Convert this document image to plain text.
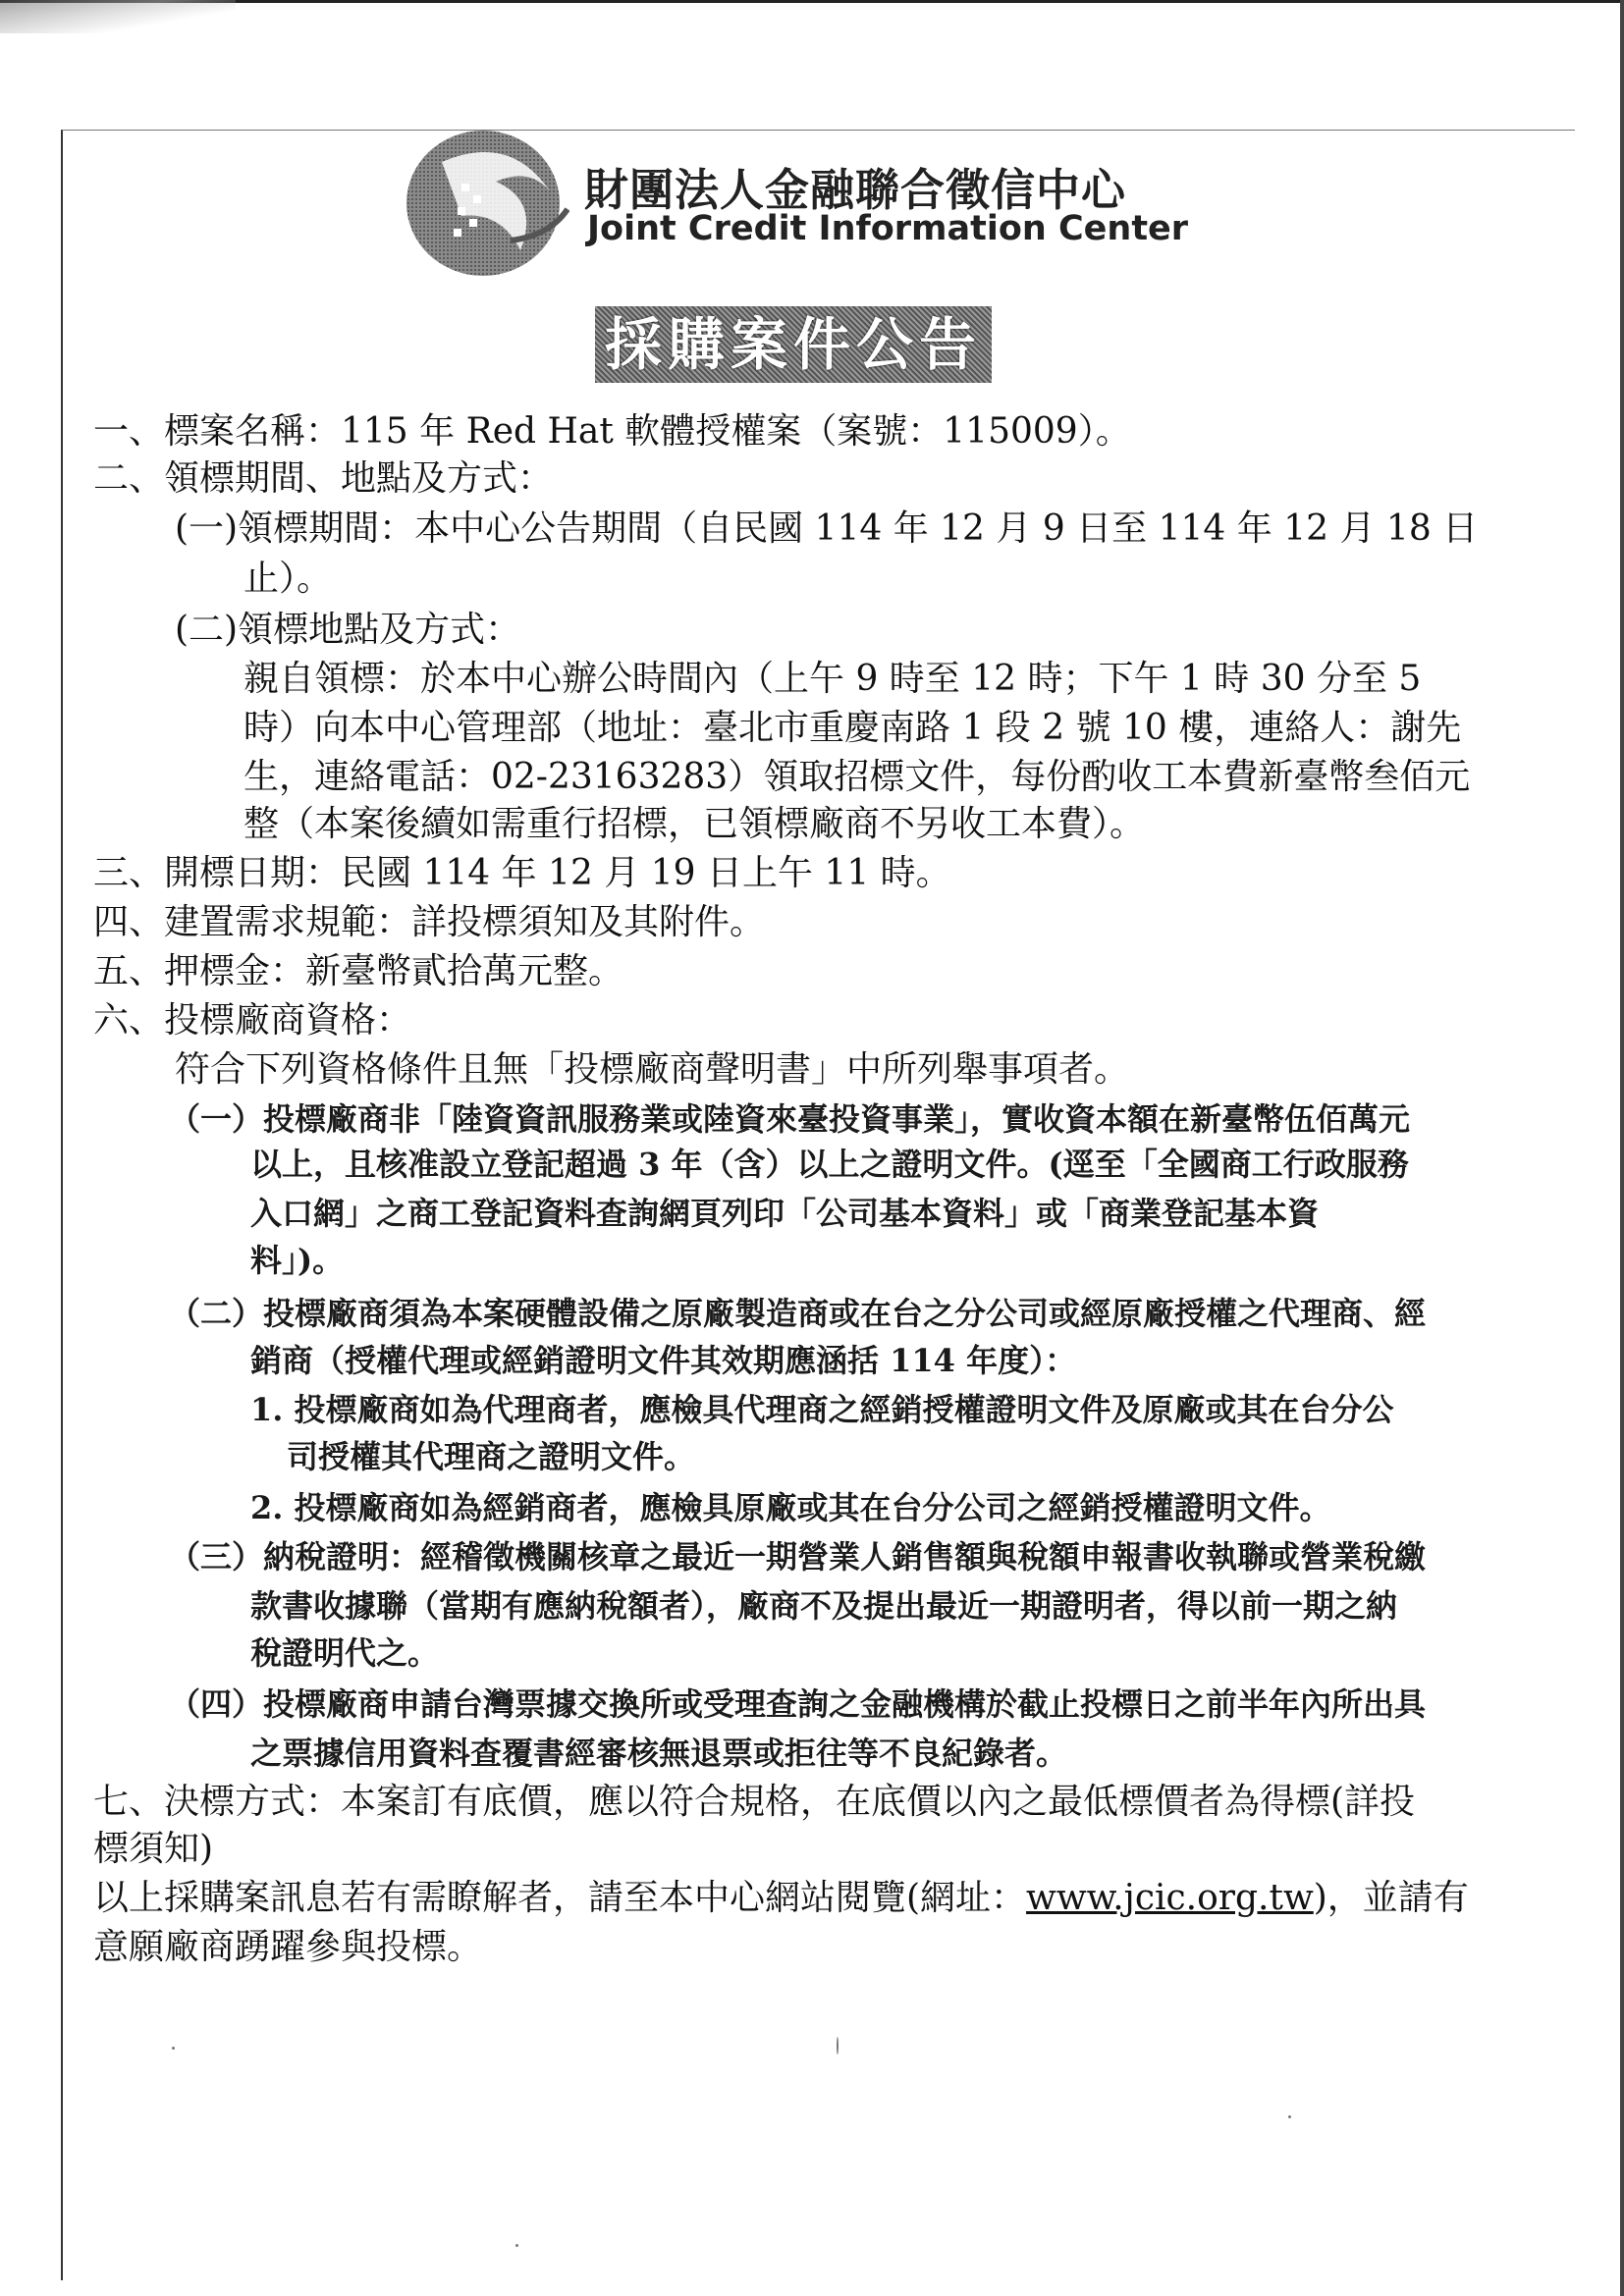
財團法人金融聯合徵信中心
Joint Credit Information Center
採購案件公告
一、標案名稱：115 年 Red Hat 軟體授權案（案號：115009）。
二、領標期間、地點及方式：
(一)領標期間：本中心公告期間（自民國 114 年 12 月 9 日至 114 年 12 月 18 日
止）。
(二)領標地點及方式：
親自領標：於本中心辦公時間內（上午 9 時至 12 時；下午 1 時 30 分至 5
時）向本中心管理部（地址：臺北市重慶南路 1 段 2 號 10 樓，連絡人：謝先
生，連絡電話：02-23163283）領取招標文件，每份酌收工本費新臺幣叁佰元
整（本案後續如需重行招標，已領標廠商不另收工本費）。
三、開標日期：民國 114 年 12 月 19 日上午 11 時。
四、建置需求規範：詳投標須知及其附件。
五、押標金：新臺幣貳拾萬元整。
六、投標廠商資格：
符合下列資格條件且無「投標廠商聲明書」中所列舉事項者。
（一）投標廠商非「陸資資訊服務業或陸資來臺投資事業」，實收資本額在新臺幣伍佰萬元
以上，且核准設立登記超過 3 年（含）以上之證明文件。(逕至「全國商工行政服務
入口網」之商工登記資料查詢網頁列印「公司基本資料」或「商業登記基本資
料」)。
（二）投標廠商須為本案硬體設備之原廠製造商或在台之分公司或經原廠授權之代理商、經
銷商（授權代理或經銷證明文件其效期應涵括 114 年度）：
1. 投標廠商如為代理商者，應檢具代理商之經銷授權證明文件及原廠或其在台分公
司授權其代理商之證明文件。
2. 投標廠商如為經銷商者，應檢具原廠或其在台分公司之經銷授權證明文件。
（三）納稅證明：經稽徵機關核章之最近一期營業人銷售額與稅額申報書收執聯或營業稅繳
款書收據聯（當期有應納稅額者），廠商不及提出最近一期證明者，得以前一期之納
稅證明代之。
（四）投標廠商申請台灣票據交換所或受理查詢之金融機構於截止投標日之前半年內所出具
之票據信用資料查覆書經審核無退票或拒往等不良紀錄者。
七、決標方式：本案訂有底價，應以符合規格，在底價以內之最低標價者為得標(詳投
標須知)
以上採購案訊息若有需瞭解者，請至本中心網站閱覽(網址：www.jcic.org.tw)，並請有
意願廠商踴躍參與投標。
